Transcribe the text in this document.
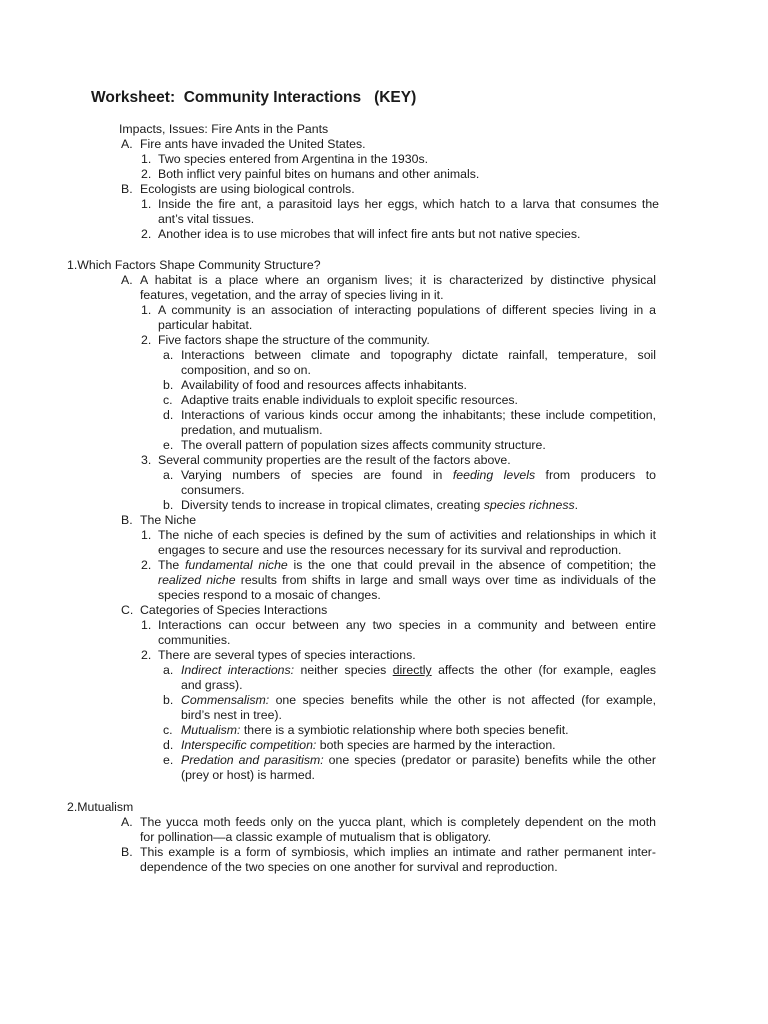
Worksheet:  Community Interactions   (KEY)
Impacts, Issues: Fire Ants in the Pants
A. Fire ants have invaded the United States.
1. Two species entered from Argentina in the 1930s.
2. Both inflict very painful bites on humans and other animals.
B. Ecologists are using biological controls.
1. Inside the fire ant, a parasitoid lays her eggs, which hatch to a larva that consumes the
ant’s vital tissues.
2. Another idea is to use microbes that will infect fire ants but not native species.
1.Which Factors Shape Community Structure?
A. A habitat is a place where an organism lives; it is characterized by distinctive physical
features, vegetation, and the array of species living in it.
1. A community is an association of interacting populations of different species living in a
particular habitat.
2. Five factors shape the structure of the community.
a. Interactions between climate and topography dictate rainfall, temperature, soil
composition, and so on.
b. Availability of food and resources affects inhabitants.
c. Adaptive traits enable individuals to exploit specific resources.
d. Interactions of various kinds occur among the inhabitants; these include competition,
predation, and mutualism.
e. The overall pattern of population sizes affects community structure.
3. Several community properties are the result of the factors above.
a. Varying numbers of species are found in feeding levels from producers to
consumers.
b. Diversity tends to increase in tropical climates, creating species richness.
B. The Niche
1. The niche of each species is defined by the sum of activities and relationships in which it
engages to secure and use the resources necessary for its survival and reproduction.
2. The fundamental niche is the one that could prevail in the absence of competition; the
realized niche results from shifts in large and small ways over time as individuals of the
species respond to a mosaic of changes.
C. Categories of Species Interactions
1. Interactions can occur between any two species in a community and between entire
communities.
2. There are several types of species interactions.
a. Indirect interactions: neither species directly affects the other (for example, eagles
and grass).
b. Commensalism: one species benefits while the other is not affected (for example,
bird’s nest in tree).
c. Mutualism: there is a symbiotic relationship where both species benefit.
d. Interspecific competition: both species are harmed by the interaction.
e. Predation and parasitism: one species (predator or parasite) benefits while the other
(prey or host) is harmed.
2.Mutualism
A. The yucca moth feeds only on the yucca plant, which is completely dependent on the moth
for pollination—a classic example of mutualism that is obligatory.
B. This example is a form of symbiosis, which implies an intimate and rather permanent inter-
dependence of the two species on one another for survival and reproduction.
